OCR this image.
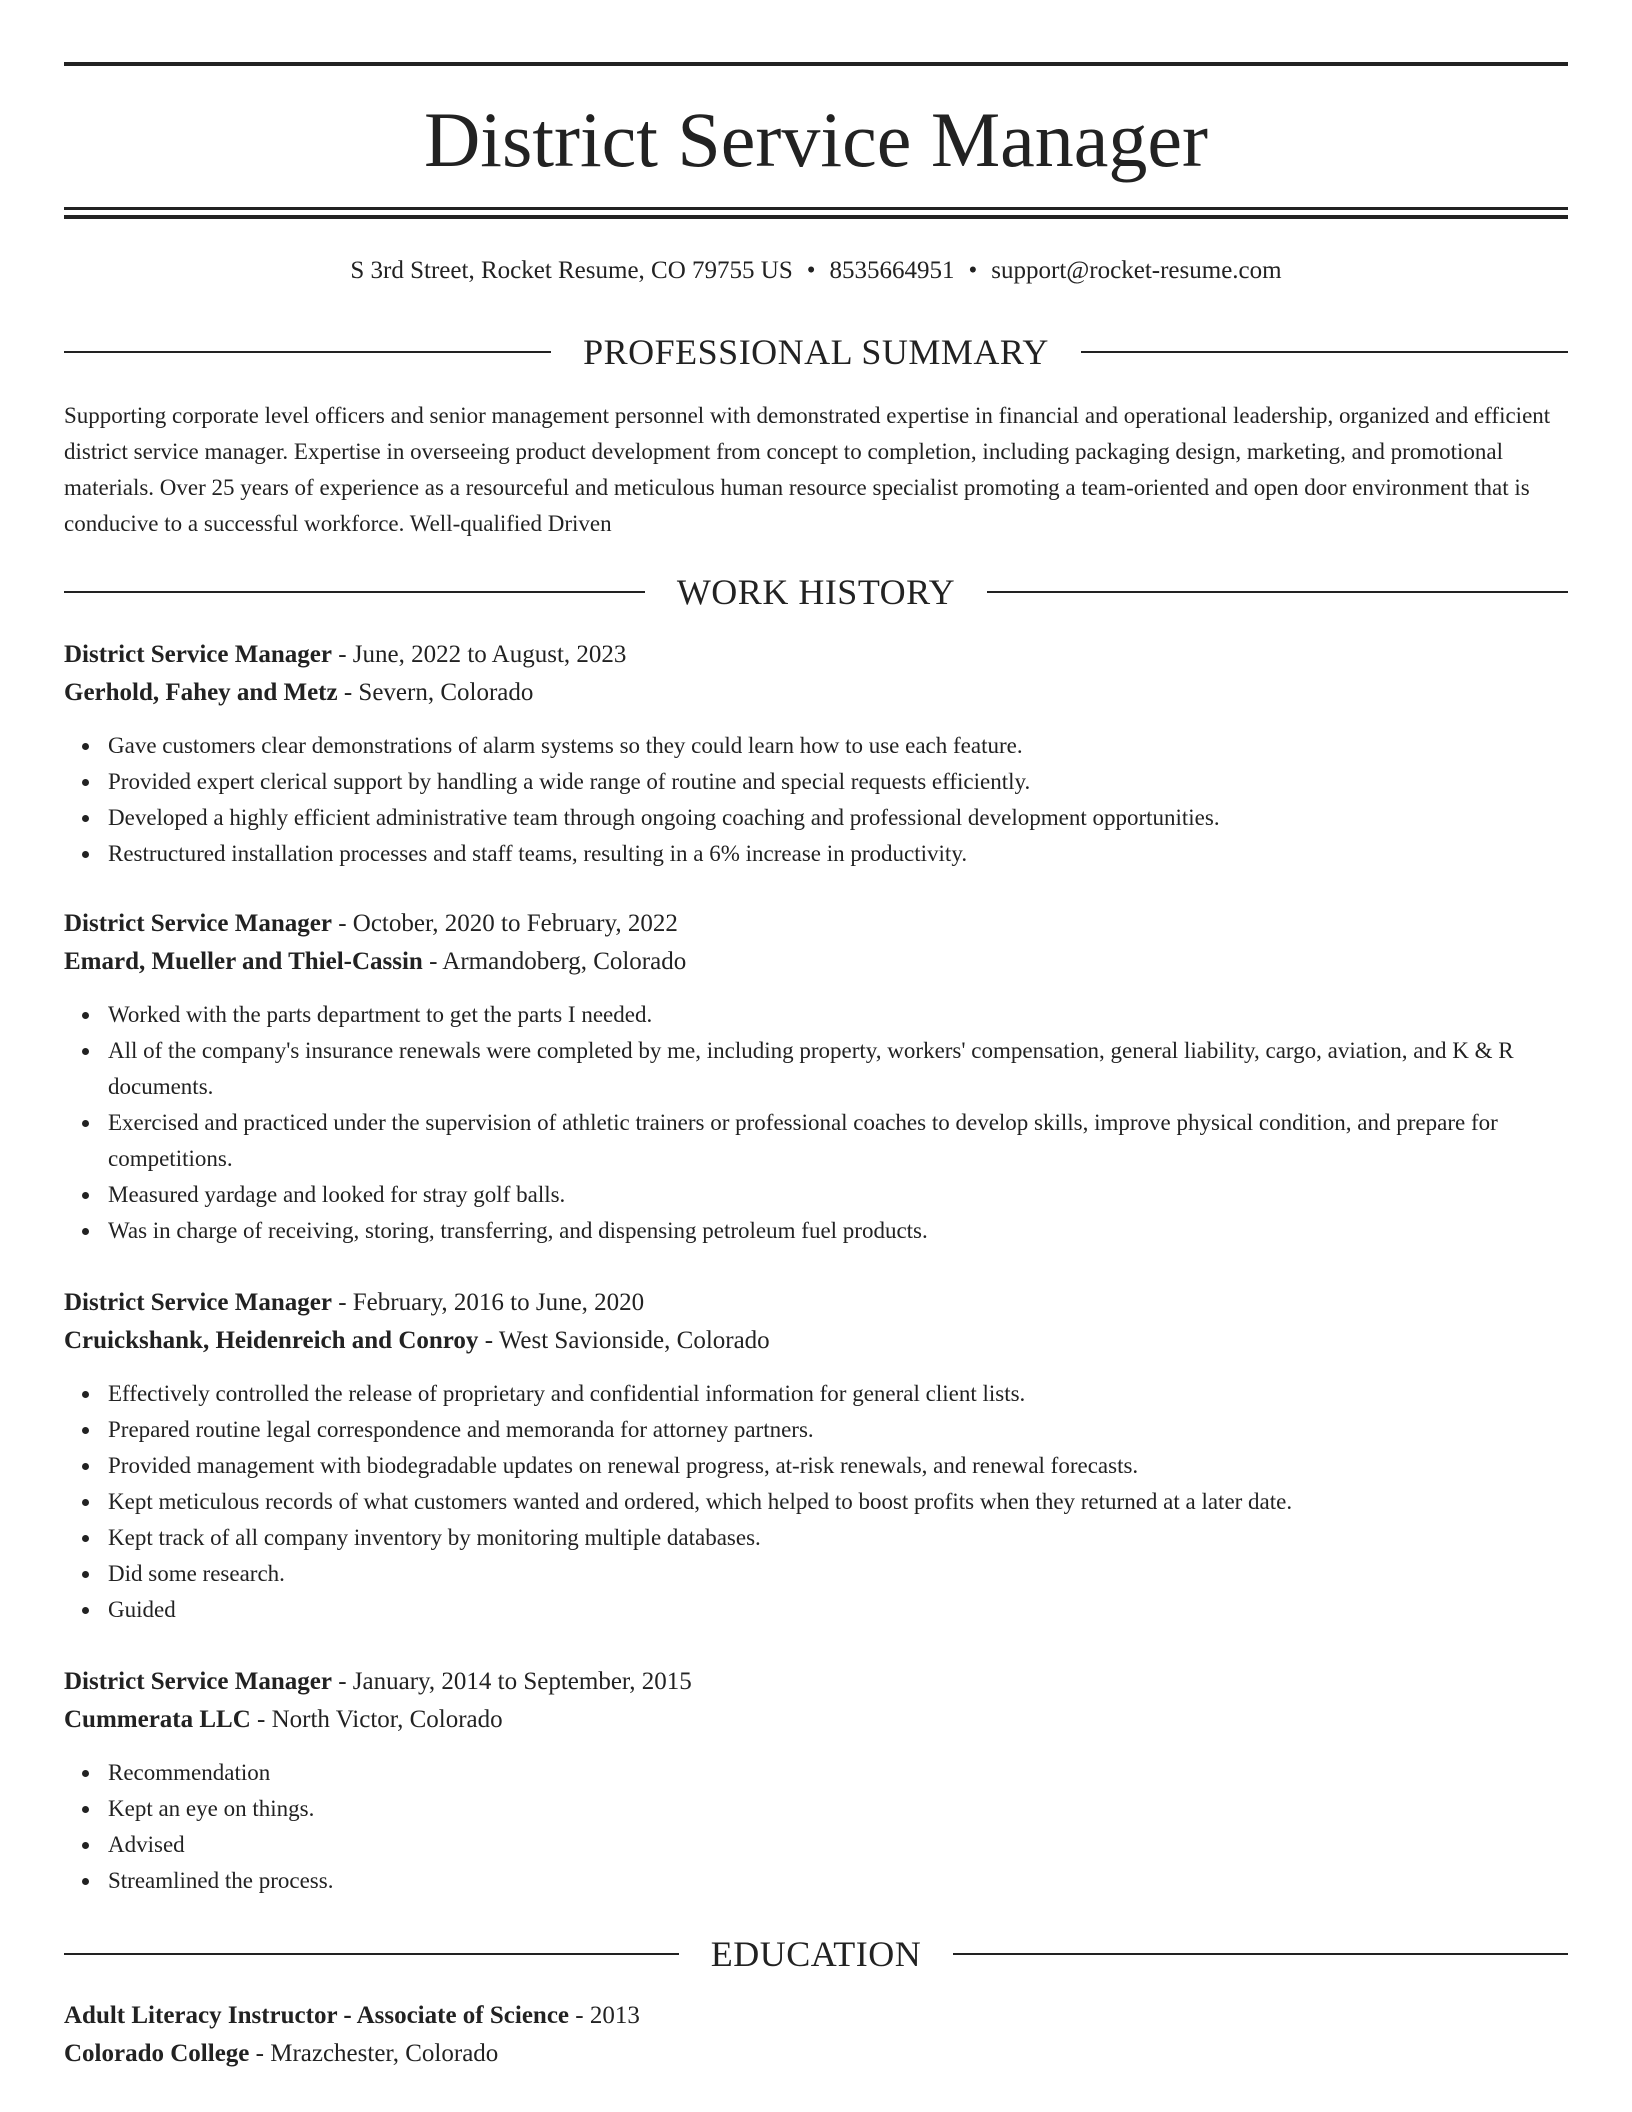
District Service Manager
S 3rd Street, Rocket Resume, CO 79755 US • 8535664951 • support@rocket-resume.com
PROFESSIONAL SUMMARY

Supporting corporate level officers and senior management personnel with demonstrated expertise in financial and operational leadership, organized and efficient district service manager. Expertise in overseeing product development from concept to completion, including packaging design, marketing, and promotional materials. Over 25 years of experience as a resourceful and meticulous human resource specialist promoting a team-oriented and open door environment that is conducive to a successful workforce. Well-qualified Driven

WORK HISTORY

District Service Manager - June, 2022 to August, 2023

Gerhold, Fahey and Metz - Severn, Colorado

Gave customers clear demonstrations of alarm systems so they could learn how to use each feature.
Provided expert clerical support by handling a wide range of routine and special requests efficiently.
Developed a highly efficient administrative team through ongoing coaching and professional development opportunities.
Restructured installation processes and staff teams, resulting in a 6% increase in productivity.

District Service Manager - October, 2020 to February, 2022

Emard, Mueller and Thiel-Cassin - Armandoberg, Colorado

Worked with the parts department to get the parts I needed.
All of the company's insurance renewals were completed by me, including property, workers' compensation, general liability, cargo, aviation, and K & R documents.
Exercised and practiced under the supervision of athletic trainers or professional coaches to develop skills, improve physical condition, and prepare for competitions.
Measured yardage and looked for stray golf balls.
Was in charge of receiving, storing, transferring, and dispensing petroleum fuel products.

District Service Manager - February, 2016 to June, 2020

Cruickshank, Heidenreich and Conroy - West Savionside, Colorado

Effectively controlled the release of proprietary and confidential information for general client lists.
Prepared routine legal correspondence and memoranda for attorney partners.
Provided management with biodegradable updates on renewal progress, at-risk renewals, and renewal forecasts.
Kept meticulous records of what customers wanted and ordered, which helped to boost profits when they returned at a later date.
Kept track of all company inventory by monitoring multiple databases.
Did some research.
Guided

District Service Manager - January, 2014 to September, 2015

Cummerata LLC - North Victor, Colorado

Recommendation
Kept an eye on things.
Advised
Streamlined the process.
EDUCATION

Adult Literacy Instructor - Associate of Science - 2013

Colorado College - Mrazchester, Colorado
